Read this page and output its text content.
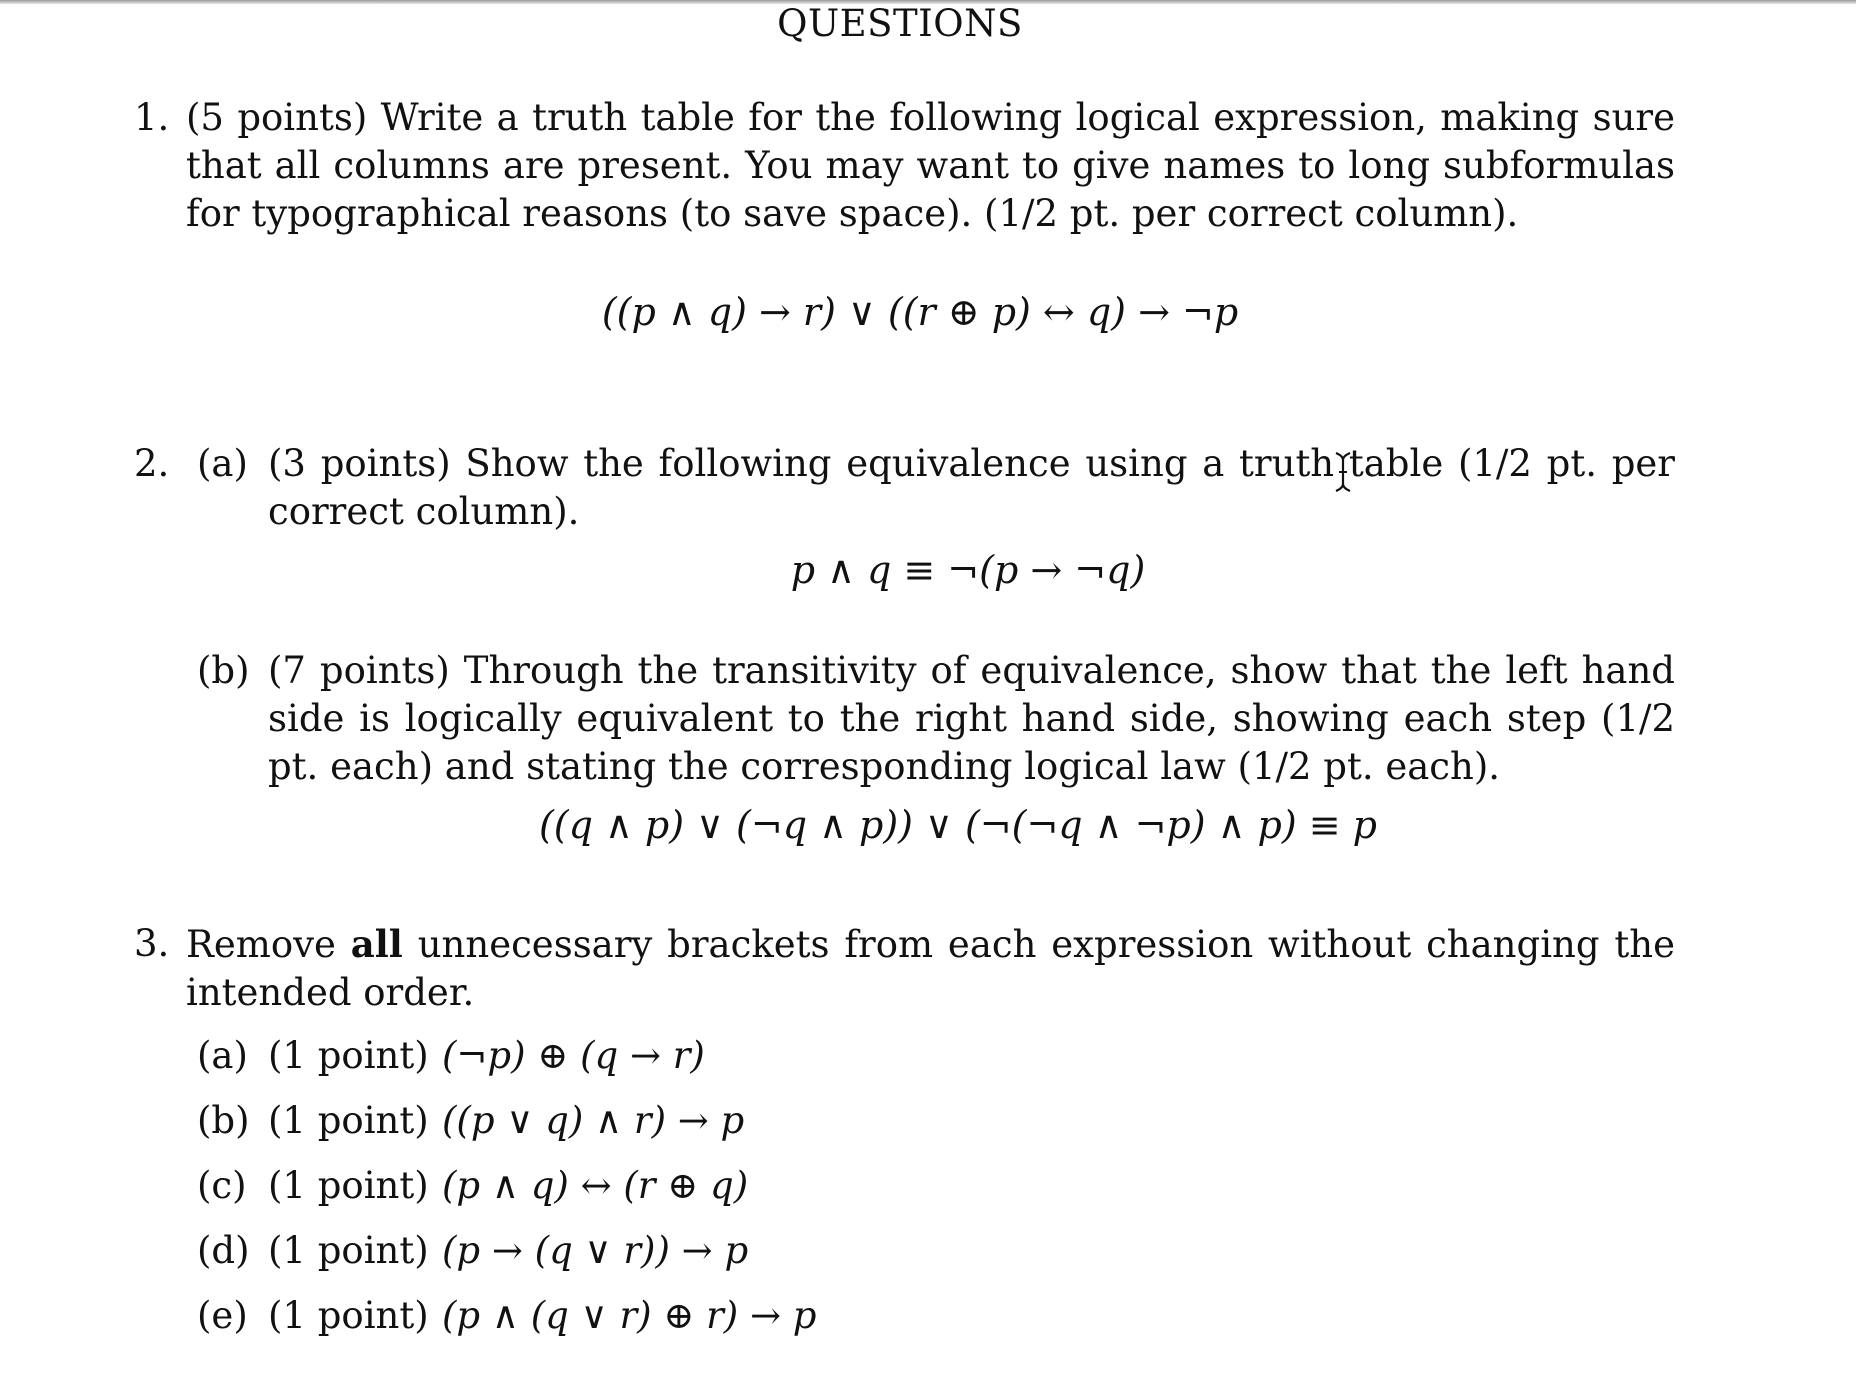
QUESTIONS
1. (5 points) Write a truth table for the following logical expression, making sure that all columns are present. You may want to give names to long subformulas for typographical reasons (to save space). (1/2 pt. per correct column).
((p ∧ q) → r) ∨ ((r ⊕ p) ↔ q) → ¬p
2. (a) (3 points) Show the following equivalence using a truth table (1/2 pt. per correct column).
p ∧ q ≡ ¬(p → ¬q)
(b) (7 points) Through the transitivity of equivalence, show that the left hand side is logically equivalent to the right hand side, showing each step (1/2 pt. each) and stating the corresponding logical law (1/2 pt. each).
((q ∧ p) ∨ (¬q ∧ p)) ∨ (¬(¬q ∧ ¬p) ∧ p) ≡ p
3. Remove all unnecessary brackets from each expression without changing the intended order.
(a) (1 point) (¬p) ⊕ (q → r)
(b) (1 point) ((p ∨ q) ∧ r) → p
(c) (1 point) (p ∧ q) ↔ (r ⊕ q)
(d) (1 point) (p → (q ∨ r)) → p
(e) (1 point) (p ∧ (q ∨ r) ⊕ r) → p
